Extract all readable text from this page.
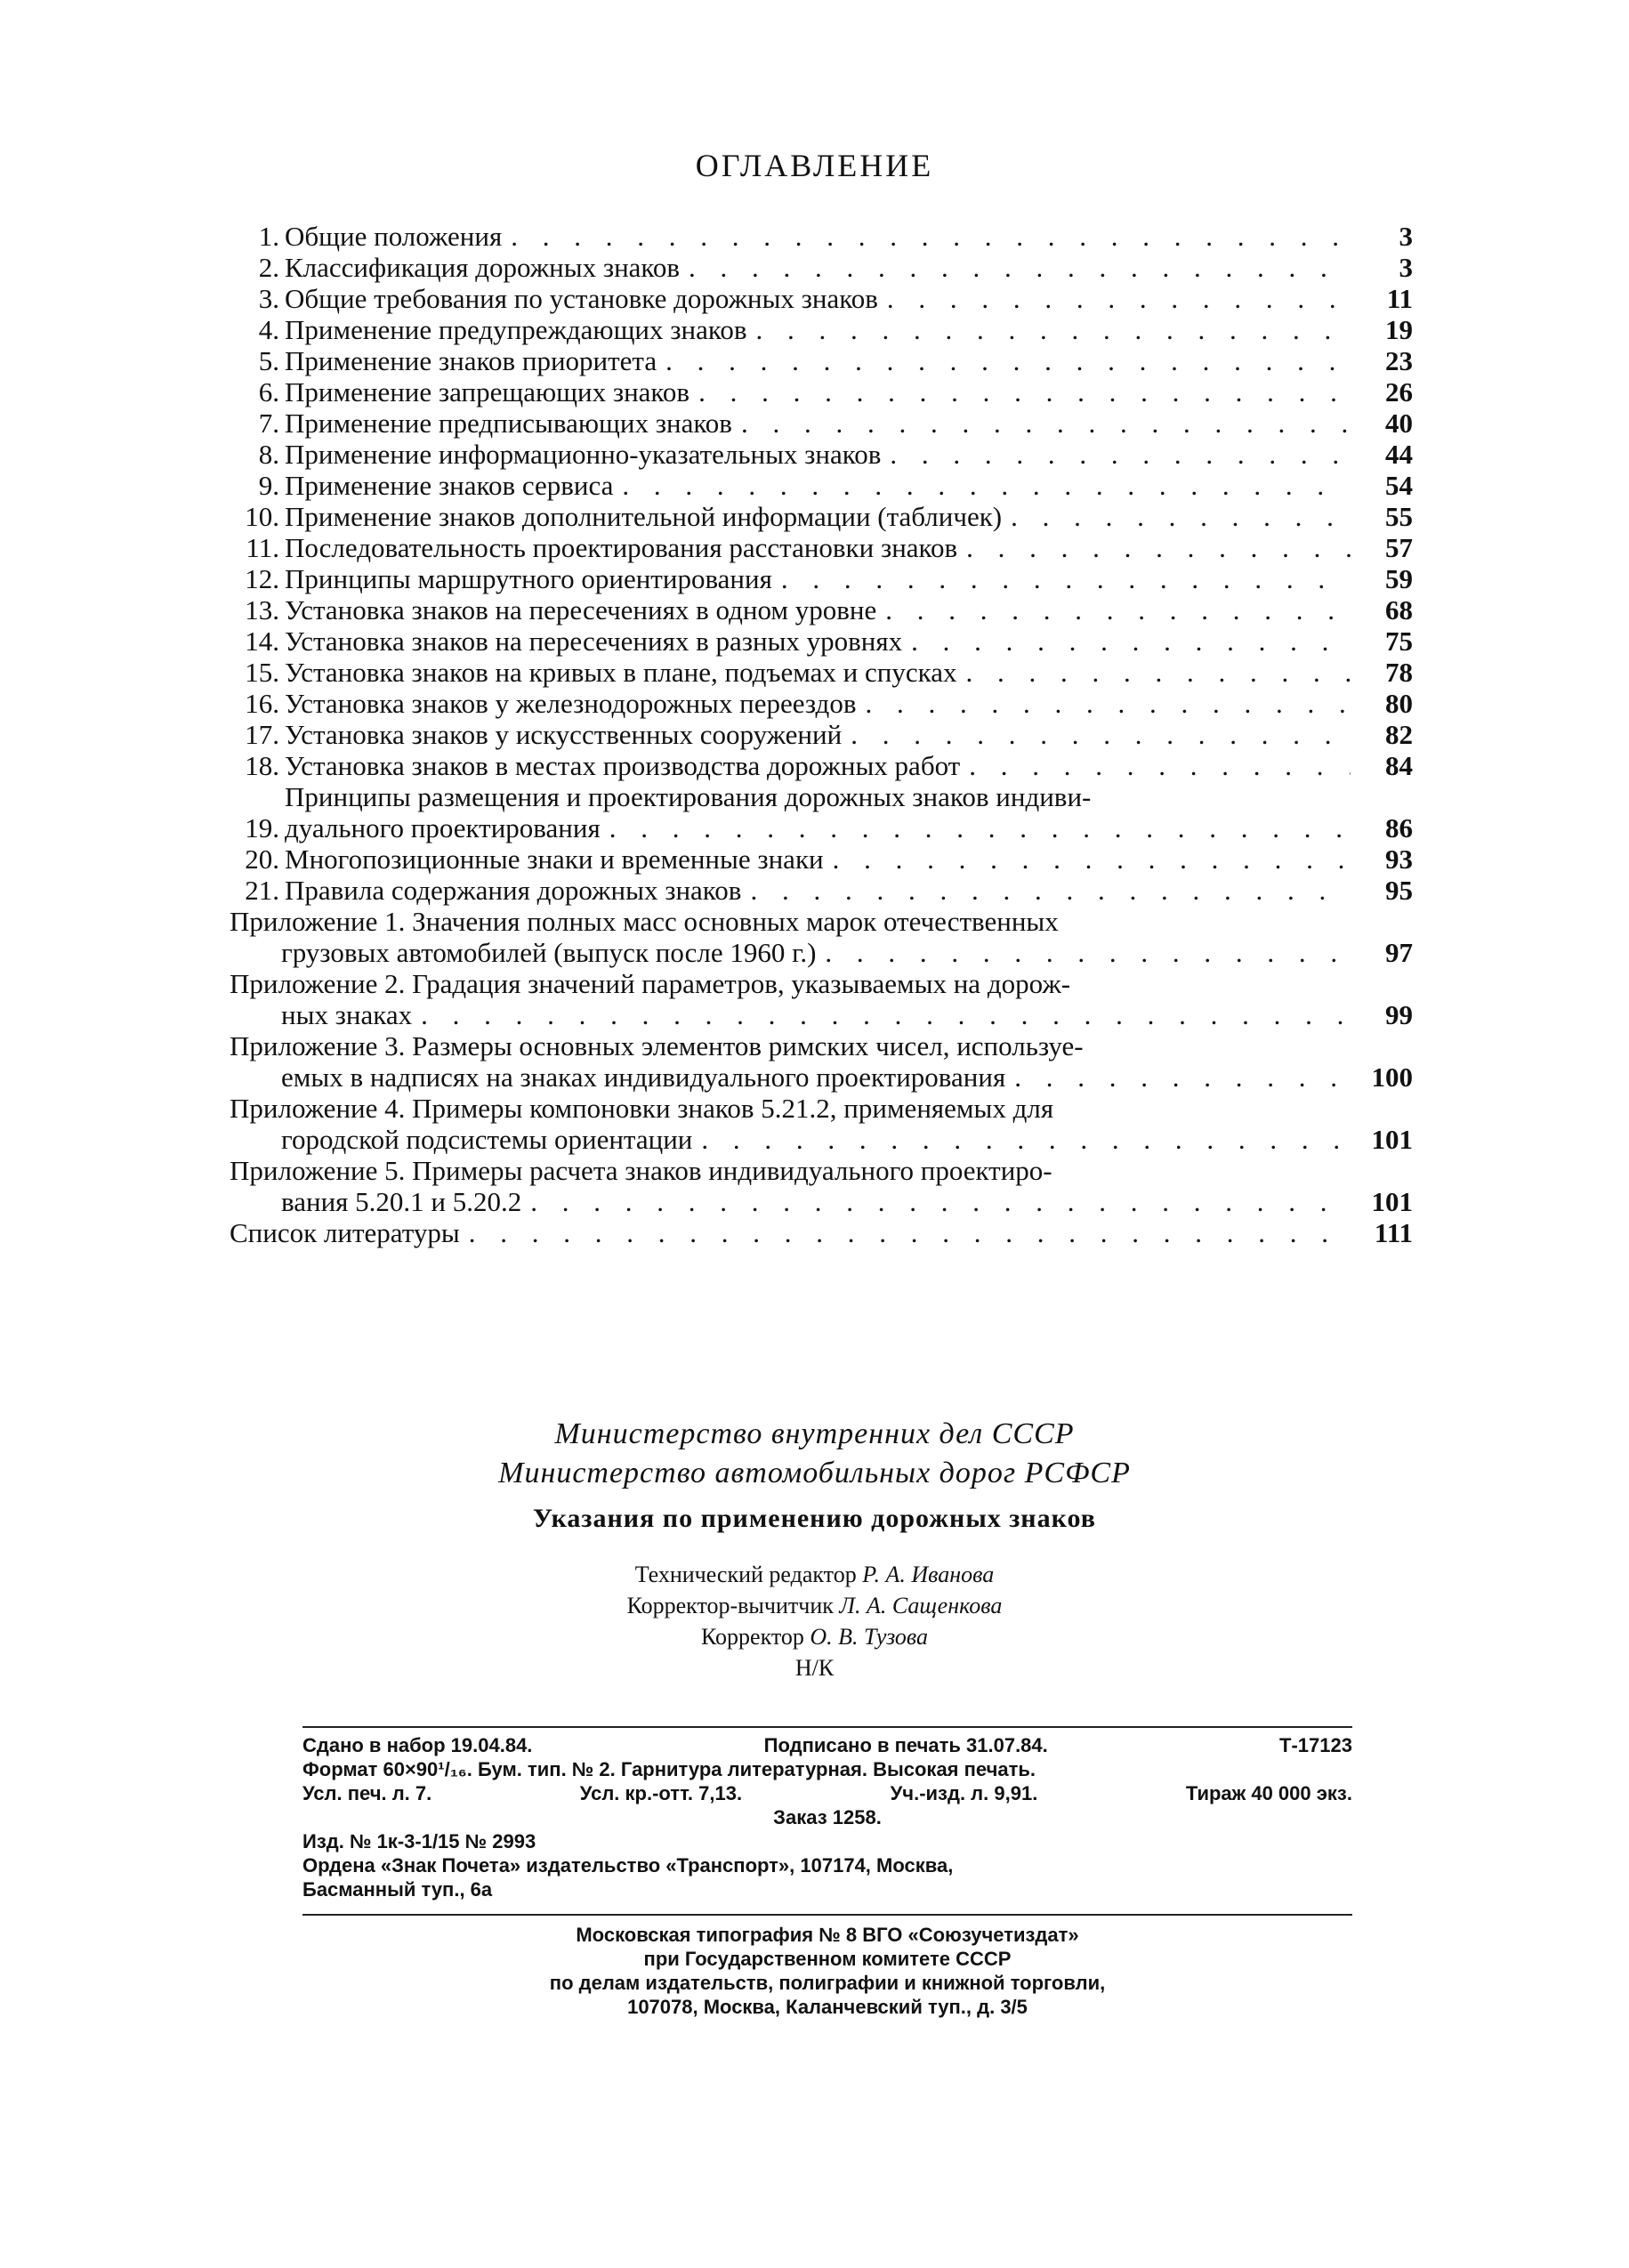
ОГЛАВЛЕНИЕ
1. Общие положения . . .	3
2. Классификация дорожных знаков . . .	3
3. Общие требования по установке дорожных знаков . . .	11
4. Применение предупреждающих знаков . . .	19
5. Применение знаков приоритета . . .	23
6. Применение запрещающих знаков . . .	26
7. Применение предписывающих знаков . . .	40
8. Применение информационно-указательных знаков . . .	44
9. Применение знаков сервиса . . .	54
10. Применение знаков дополнительной информации (табличек) . . .	55
11. Последовательность проектирования расстановки знаков . . .	57
12. Принципы маршрутного ориентирования . . .	59
13. Установка знаков на пересечениях в одном уровне . . .	68
14. Установка знаков на пересечениях в разных уровнях . . .	75
15. Установка знаков на кривых в плане, подъемах и спусках . . .	78
16. Установка знаков у железнодорожных переездов . . .	80
17. Установка знаков у искусственных сооружений . . .	82
18. Установка знаков в местах производства дорожных работ . . .	84
19.
Принципы размещения и проектирования дорожных знаков индиви-
дуального проектирования . . .	86
20. Многопозиционные знаки и временные знаки . . .	93
21. Правила содержания дорожных знаков . . .	95
Приложение 1. Значения полных масс основных марок отечественных
грузовых автомобилей (выпуск после 1960 г.) . . .	97
Приложение 2. Градация значений параметров, указываемых на дорож-
ных знаках . . .	99
Приложение 3. Размеры основных элементов римских чисел, используе-
емых в надписях на знаках индивидуального проектирования . . .	100
Приложение 4. Примеры компоновки знаков 5.21.2, применяемых для
городской подсистемы ориентации . . .	101
Приложение 5. Примеры расчета знаков индивидуального проектиро-
вания 5.20.1 и 5.20.2 . . .	101
Список литературы . . .	111
Министерство внутренних дел СССР
Министерство автомобильных дорог РСФСР
Указания по применению дорожных знаков
Технический редактор Р. А. Иванова
Корректор-вычитчик Л. А. Сащенкова
Корректор О. В. Тузова
Н/К
Сдано в набор 19.04.84.	Подписано в печать 31.07.84.	Т-17123
Формат 60×90¹/₁₆. Бум. тип. № 2. Гарнитура литературная. Высокая печать.
Усл. печ. л. 7.	Усл. кр.-отт. 7,13.	Уч.-изд. л. 9,91.	Тираж 40 000 экз.
Заказ 1258.
Изд. № 1к-3-1/15 № 2993
Ордена «Знак Почета» издательство «Транспорт», 107174, Москва,
Басманный туп., 6а
Московская типография № 8 ВГО «Союзучетиздат»
при Государственном комитете СССР
по делам издательств, полиграфии и книжной торговли,
107078, Москва, Каланчевский туп., д. 3/5
